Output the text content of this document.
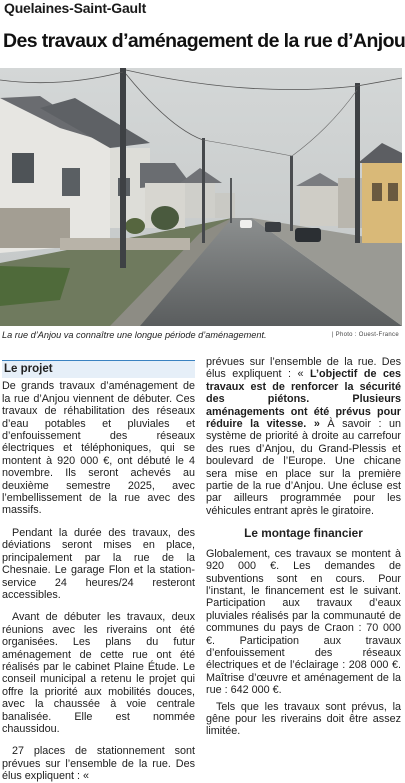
Quelaines-Saint-Gault
Des travaux d’aménagement de la rue d’Anjou
La rue d’Anjou va connaître une longue période d’aménagement.	| Photo : Ouest-France
Le projet

De grands travaux d’aménagement de la rue d’Anjou viennent de débuter. Ces travaux de réhabilitation des réseaux d’eau potables et pluviales et d’enfouissement des réseaux électriques et téléphoniques, qui se montent à 920 000 €, ont débuté le 4 novembre. Ils seront achevés au deuxième semestre 2025, avec l’embellissement de la rue avec des massifs.

Pendant la durée des travaux, des déviations seront mises en place, principalement par la rue de la Chesnaie. Le garage Flon et la station-service 24 heures/24 resteront accessibles.

Avant de débuter les travaux, deux réunions avec les riverains ont été organisées. Les plans du futur aménagement de cette rue ont été réalisés par le cabinet Plaine Étude. Le conseil municipal a retenu le projet qui offre la priorité aux mobilités douces, avec la chaussée à voie centrale banalisée. Elle est nommée chaussidou.

27 places de stationnement sont prévues sur l’ensemble de la rue. Des élus expliquent : «

prévues sur l’ensemble de la rue. Des élus expliquent : « L’objectif de ces travaux est de renforcer la sécurité des piétons. Plusieurs aménagements ont été prévus pour réduire la vitesse. » À savoir : un système de priorité à droite au carrefour des rues d’Anjou, du Grand-Plessis et boulevard de l’Europe. Une chicane sera mise en place sur la première partie de la rue d’Anjou. Une écluse est par ailleurs programmée pour les véhicules entrant après le giratoire.

Le montage financier

Globalement, ces travaux se montent à 920 000 €. Les demandes de subventions sont en cours. Pour l’instant, le financement est le suivant. Participation aux travaux d’eaux pluviales réalisés par la communauté de communes du pays de Craon : 70 000 €. Participation aux travaux d’enfouissement des réseaux électriques et de l’éclairage : 208 000 €. Maîtrise d’œuvre et aménagement de la rue : 642 000 €.

Tels que les travaux sont prévus, la gêne pour les riverains doit être assez limitée.
